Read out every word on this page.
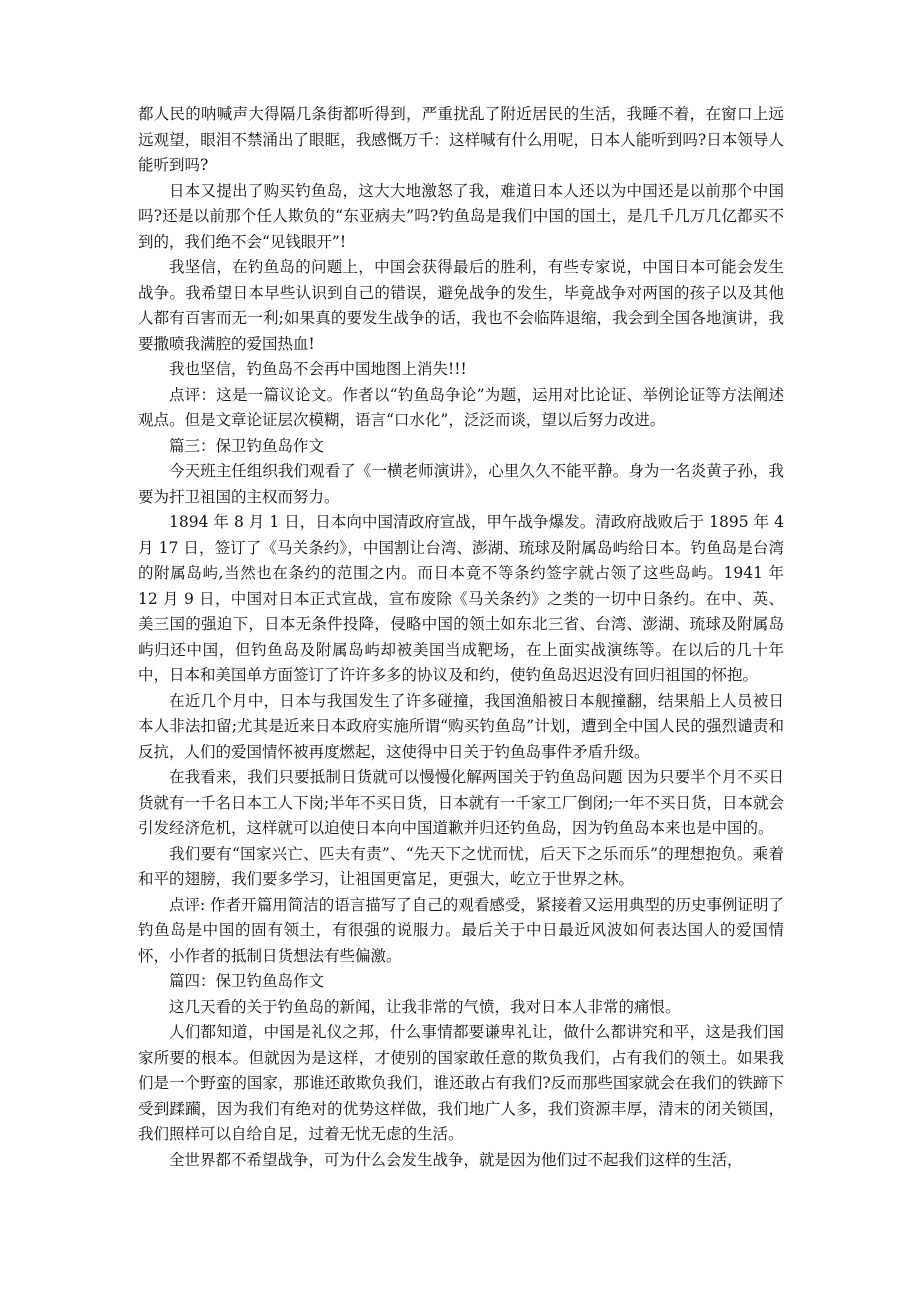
都人民的呐喊声大得隔几条街都听得到，严重扰乱了附近居民的生活，我睡不着，在窗口上远远观望，眼泪不禁涌出了眼眶，我感慨万千：这样喊有什么用呢，日本人能听到吗?日本领导人能听到吗?

日本又提出了购买钓鱼岛，这大大地激怒了我，难道日本人还以为中国还是以前那个中国吗?还是以前那个任人欺负的“东亚病夫”吗?钓鱼岛是我们中国的国土，是几千几万几亿都买不到的，我们绝不会“见钱眼开”!

我坚信，在钓鱼岛的问题上，中国会获得最后的胜利，有些专家说，中国日本可能会发生战争。我希望日本早些认识到自己的错误，避免战争的发生，毕竟战争对两国的孩子以及其他人都有百害而无一利;如果真的要发生战争的话，我也不会临阵退缩，我会到全国各地演讲，我要撒喷我满腔的爱国热血!

我也坚信，钓鱼岛不会再中国地图上消失!!!

点评：这是一篇议论文。作者以“钓鱼岛争论”为题，运用对比论证、举例论证等方法阐述观点。但是文章论证层次模糊，语言“口水化”，泛泛而谈，望以后努力改进。

篇三：保卫钓鱼岛作文

今天班主任组织我们观看了《一横老师演讲》，心里久久不能平静。身为一名炎黄子孙，我要为扞卫祖国的主权而努力。

1894 年 8 月 1 日，日本向中国清政府宣战，甲午战争爆发。清政府战败后于 1895 年 4 月 17 日，签订了《马关条约》，中国割让台湾、澎湖、琉球及附属岛屿给日本。钓鱼岛是台湾的附属岛屿,当然也在条约的范围之内。而日本竟不等条约签字就占领了这些岛屿。1941 年 12 月 9 日，中国对日本正式宣战，宣布废除《马关条约》之类的一切中日条约。在中、英、美三国的强迫下，日本无条件投降，侵略中国的领土如东北三省、台湾、澎湖、琉球及附属岛屿归还中国，但钓鱼岛及附属岛屿却被美国当成靶场，在上面实战演练等。在以后的几十年中，日本和美国单方面签订了许许多多的协议及和约，使钓鱼岛迟迟没有回归祖国的怀抱。

在近几个月中，日本与我国发生了许多碰撞，我国渔船被日本舰撞翻，结果船上人员被日本人非法扣留;尤其是近来日本政府实施所谓“购买钓鱼岛”计划，遭到全中国人民的强烈谴责和反抗，人们的爱国情怀被再度燃起，这使得中日关于钓鱼岛事件矛盾升级。

在我看来，我们只要抵制日货就可以慢慢化解两国关于钓鱼岛问题 因为只要半个月不买日货就有一千名日本工人下岗;半年不买日货，日本就有一千家工厂倒闭;一年不买日货，日本就会引发经济危机，这样就可以迫使日本向中国道歉并归还钓鱼岛，因为钓鱼岛本来也是中国的。

我们要有“国家兴亡、匹夫有责”、“先天下之忧而忧，后天下之乐而乐”的理想抱负。乘着和平的翅膀，我们要多学习，让祖国更富足，更强大，屹立于世界之林。

点评: 作者开篇用简洁的语言描写了自己的观看感受，紧接着又运用典型的历史事例证明了钓鱼岛是中国的固有领土，有很强的说服力。最后关于中日最近风波如何表达国人的爱国情怀，小作者的抵制日货想法有些偏激。

篇四：保卫钓鱼岛作文

这几天看的关于钓鱼岛的新闻，让我非常的气愤，我对日本人非常的痛恨。

人们都知道，中国是礼仪之邦，什么事情都要谦卑礼让，做什么都讲究和平，这是我们国家所要的根本。但就因为是这样，才使别的国家敢任意的欺负我们，占有我们的领土。如果我们是一个野蛮的国家，那谁还敢欺负我们，谁还敢占有我们?反而那些国家就会在我们的铁蹄下受到蹂躏，因为我们有绝对的优势这样做，我们地广人多，我们资源丰厚，清末的闭关锁国，我们照样可以自给自足，过着无忧无虑的生活。

全世界都不希望战争，可为什么会发生战争，就是因为他们过不起我们这样的生活，
